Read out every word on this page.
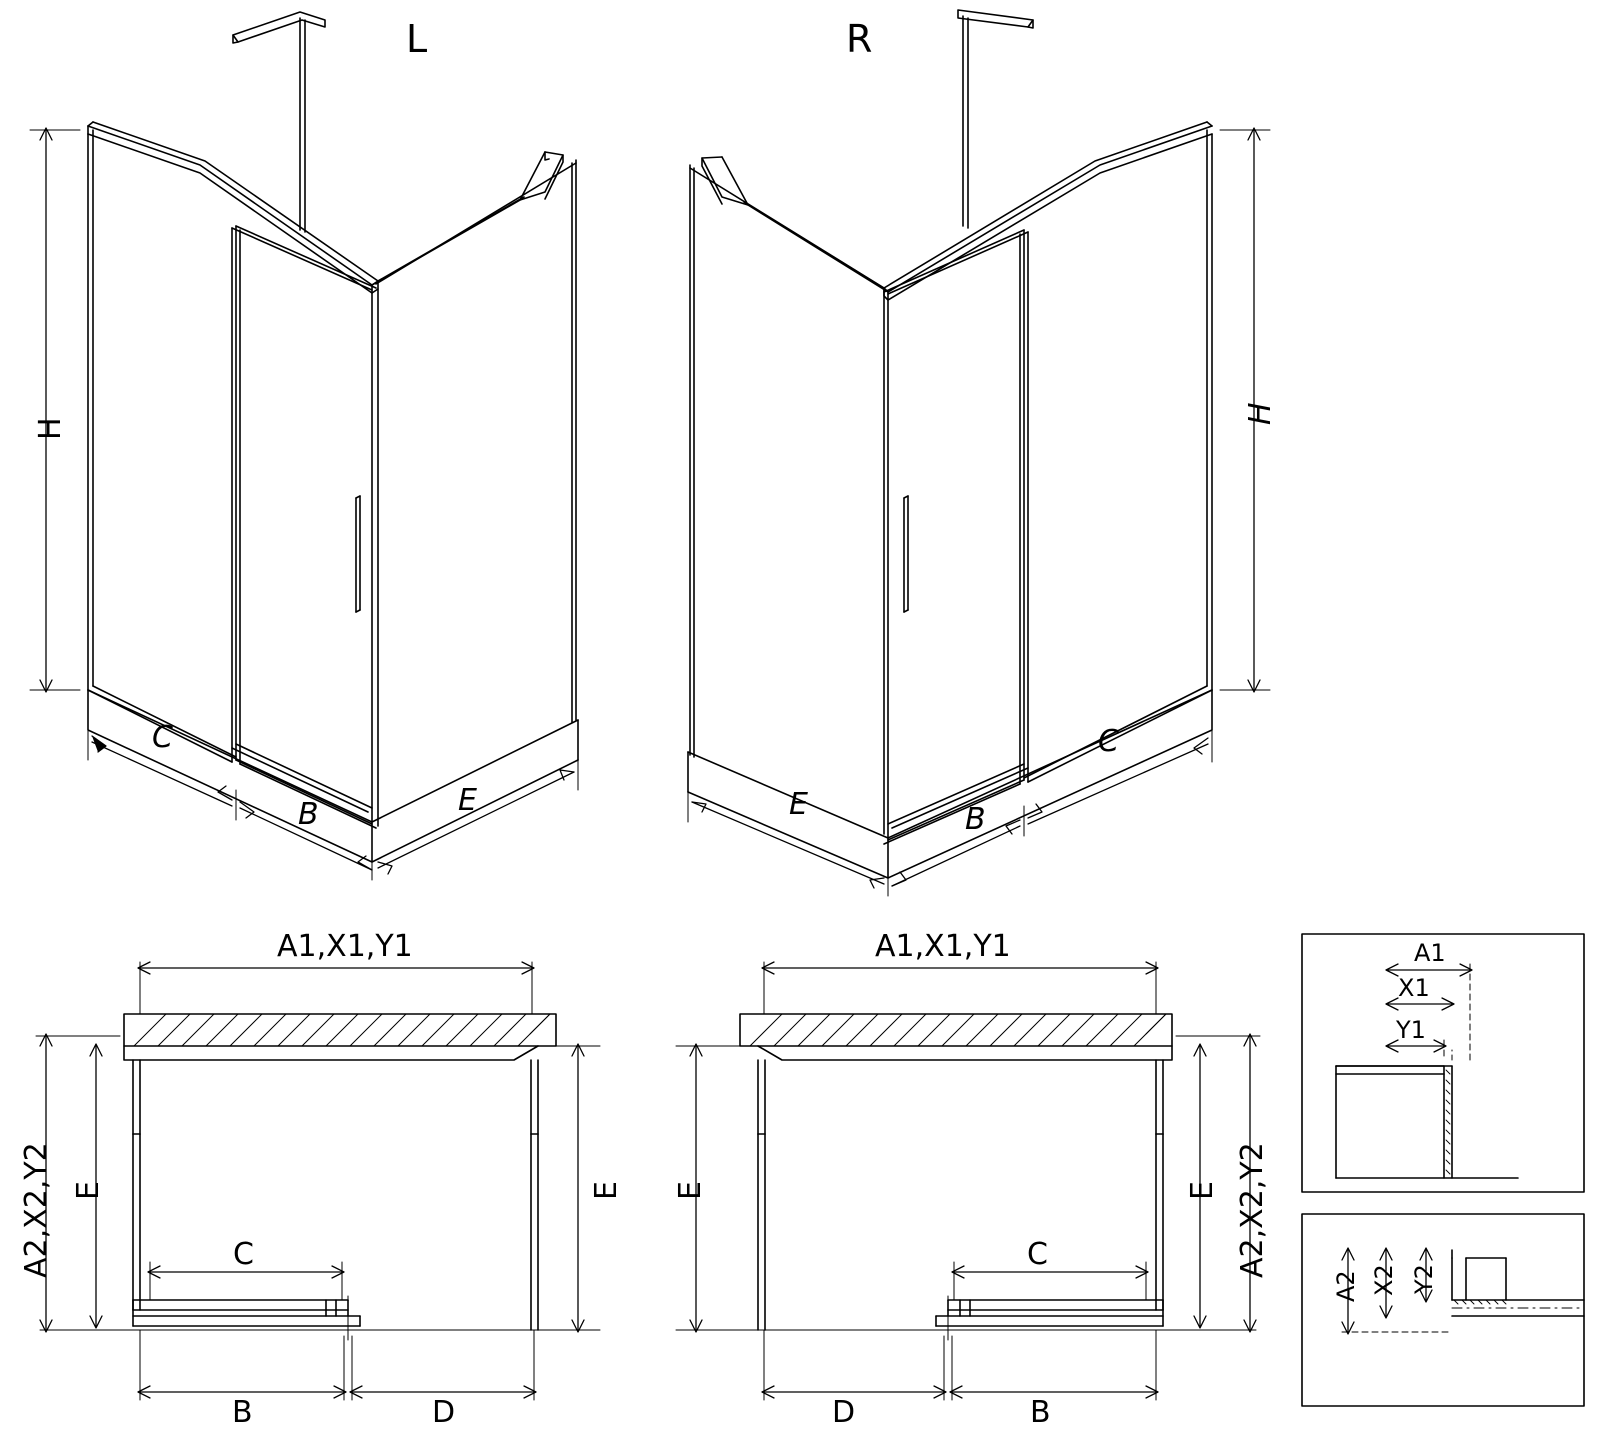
L	R
H
H
C
B	E
C
B
E
A1,X1,Y1	A1,X1,Y1
A2,X2,Y2 E	E
C
B	D
A2,X2,Y2
E
E
C
D	B
A1
X1
Y1
A2 X2 Y2
